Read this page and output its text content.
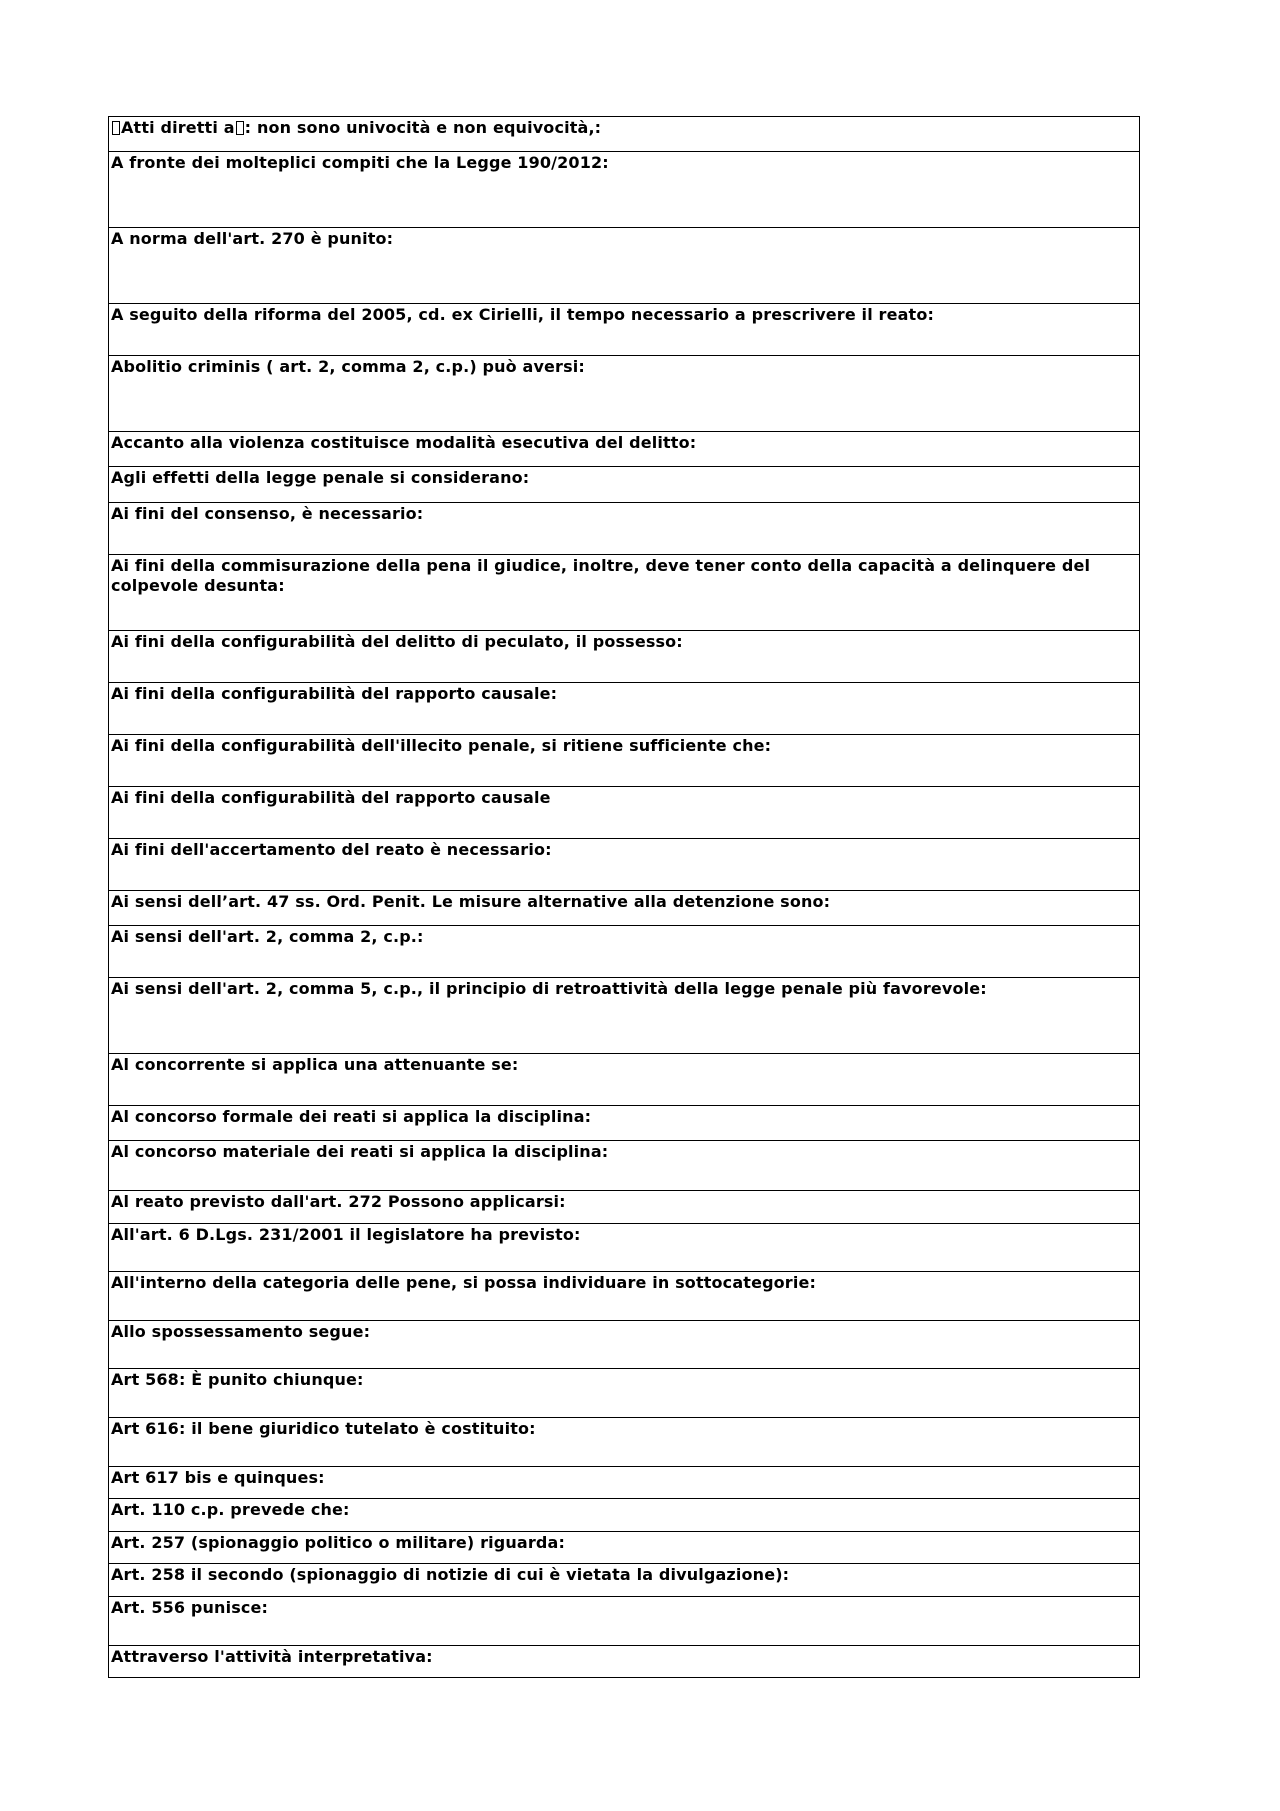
Atti diretti a : non sono univocità e non equivocità,:
A fronte dei molteplici compiti che la Legge 190/2012:
A norma dell'art. 270 è punito:
A seguito della riforma del 2005, cd. ex Cirielli, il tempo necessario a prescrivere il reato:
Abolitio criminis ( art. 2, comma 2, c.p.) può aversi:
Accanto alla violenza costituisce modalità esecutiva del delitto:
Agli effetti della legge penale si considerano:
Ai fini del consenso, è necessario:
Ai fini della commisurazione della pena il giudice, inoltre, deve tener conto della capacità a delinquere del colpevole desunta:
Ai fini della configurabilità del delitto di peculato, il possesso:
Ai fini della configurabilità del rapporto causale:
Ai fini della configurabilità dell'illecito penale, si ritiene sufficiente che:
Ai fini della configurabilità del rapporto causale
Ai fini dell'accertamento del reato è necessario:
Ai sensi dell’art. 47 ss. Ord. Penit. Le misure alternative alla detenzione sono:
Ai sensi dell'art. 2, comma 2, c.p.:
Ai sensi dell'art. 2, comma 5, c.p., il principio di retroattività della legge penale più favorevole:
Al concorrente si applica una attenuante se:
Al concorso formale dei reati si applica la disciplina:
Al concorso materiale dei reati si applica la disciplina:
Al reato previsto dall'art. 272 Possono applicarsi:
All'art. 6 D.Lgs. 231/2001 il legislatore ha previsto:
All'interno della categoria delle pene, si possa individuare in sottocategorie:
Allo spossessamento segue:
Art 568: È punito chiunque:
Art 616: il bene giuridico tutelato è costituito:
Art 617 bis e quinques:
Art. 110 c.p. prevede che:
Art. 257 (spionaggio politico o militare) riguarda:
Art. 258 il secondo (spionaggio di notizie di cui è vietata la divulgazione):
Art. 556 punisce:
Attraverso l'attività interpretativa:
